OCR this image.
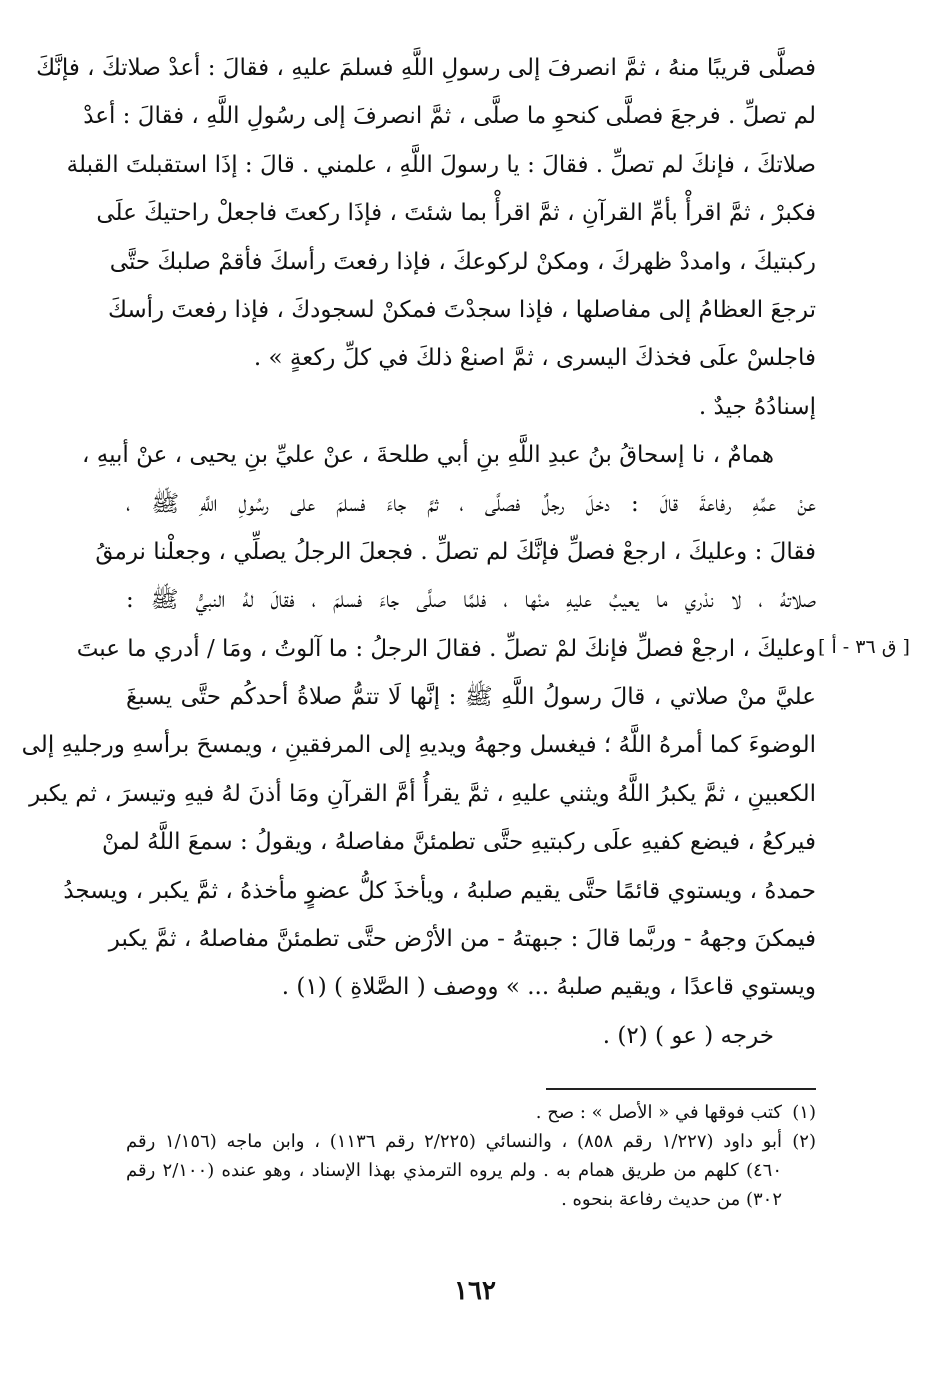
فصلَّى قريبًا منهُ ، ثمَّ انصرفَ إلى رسولِ اللَّهِ فسلمَ عليهِ ، فقالَ : أعدْ صلاتكَ ، فإنَّكَ
لم تصلِّ . فرجعَ فصلَّى كنحوِ ما صلَّى ، ثمَّ انصرفَ إلى رسُولِ اللَّهِ ، فقالَ : أعدْ
صلاتكَ ، فإنكَ لم تصلِّ . فقالَ : يا رسولَ اللَّهِ ، علمني . قالَ : إذَا استقبلتَ القبلة
فكبرْ ، ثمَّ اقرأْ بأمِّ القرآنِ ، ثمَّ اقرأْ بما شئتَ ، فإذَا ركعتَ فاجعلْ راحتيكَ علَى
ركبتيكَ ، وامددْ ظهركَ ، ومكنْ لركوعكَ ، فإذا رفعتَ رأسكَ فأقمْ صلبكَ حتَّى
ترجعَ العظامُ إلى مفاصلها ، فإذا سجدْتَ فمكنْ لسجودكَ ، فإذا رفعتَ رأسكَ
فاجلسْ علَى فخذكَ اليسرى ، ثمَّ اصنعْ ذلكَ في كلِّ ركعةٍ » .
إسنادُهُ جيدٌ .
همامٌ ، نا إسحاقُ بنُ عبدِ اللَّهِ بنِ أبي طلحةَ ، عنْ عليِّ بنِ يحيى ، عنْ أبيهِ ،
عنْ عمِّهِ رفاعةَ قالَ : دخلَ رجلٌ فصلَّى ، ثمَّ جاءَ فسلمَ على رسُولِ اللَّهِ ﷺ ،
فقالَ : وعليكَ ، ارجعْ فصلِّ فإنَّكَ لم تصلِّ . فجعلَ الرجلُ يصلِّي ، وجعلْنا نرمقُ
صلاتهُ ، لا ندْري ما يعيبُ عليهِ منْها ، فلمَّا صلَّى جاءَ فسلمَ ، فقالَ لهُ النبيُّ ﷺ :
وعليكَ ، ارجعْ فصلِّ فإنكَ لمْ تصلِّ . فقالَ الرجلُ : ما آلوتُ ، ومَا / أدري ما عبتَ
عليَّ منْ صلاتي ، قالَ رسولُ اللَّهِ ﷺ : إنَّها لَا تتمُّ صلاةُ أحدكُم حتَّى يسبغَ
الوضوءَ كما أمرهُ اللَّهُ ؛ فيغسل وجههُ ويديهِ إلى المرفقينِ ، ويمسحَ برأسهِ ورجليهِ إلى
الكعبينِ ، ثمَّ يكبرُ اللَّهُ ويثني عليهِ ، ثمَّ يقرأُ أمَّ القرآنِ ومَا أذنَ لهُ فيهِ وتيسرَ ، ثم يكبر
فيركعُ ، فيضع كفيهِ علَى ركبتيهِ حتَّى تطمئنَّ مفاصلهُ ، ويقولُ : سمعَ اللَّهُ لمنْ
حمدهُ ، ويستوي قائمًا حتَّى يقيم صلبهُ ، ويأخذَ كلُّ عضوٍ مأخذهُ ، ثمَّ يكبر ، ويسجدُ
فيمكنَ وجههُ - وربَّما قالَ : جبهتهُ - من الأرْض حتَّى تطمئنَّ مفاصلهُ ، ثمَّ يكبر
ويستوي قاعدًا ، ويقيم صلبهُ ... » ووصف ( الصَّلاةِ ) (١) .
خرجه ( عو ) (٢) .
[ ق ٣٦ - أ ]
(١)
كتب فوقها في « الأصل » : صح .
(٢)
أبو داود (١/٢٢٧ رقم ٨٥٨) ، والنسائي (٢/٢٢٥ رقم ١١٣٦) ، وابن ماجه (١/١٥٦ رقم
٤٦٠) كلهم من طريق همام به . ولم يروه الترمذي بهذا الإسناد ، وهو عنده (٢/١٠٠ رقم
٣٠٢) من حديث رفاعة بنحوه .
١٦٢
